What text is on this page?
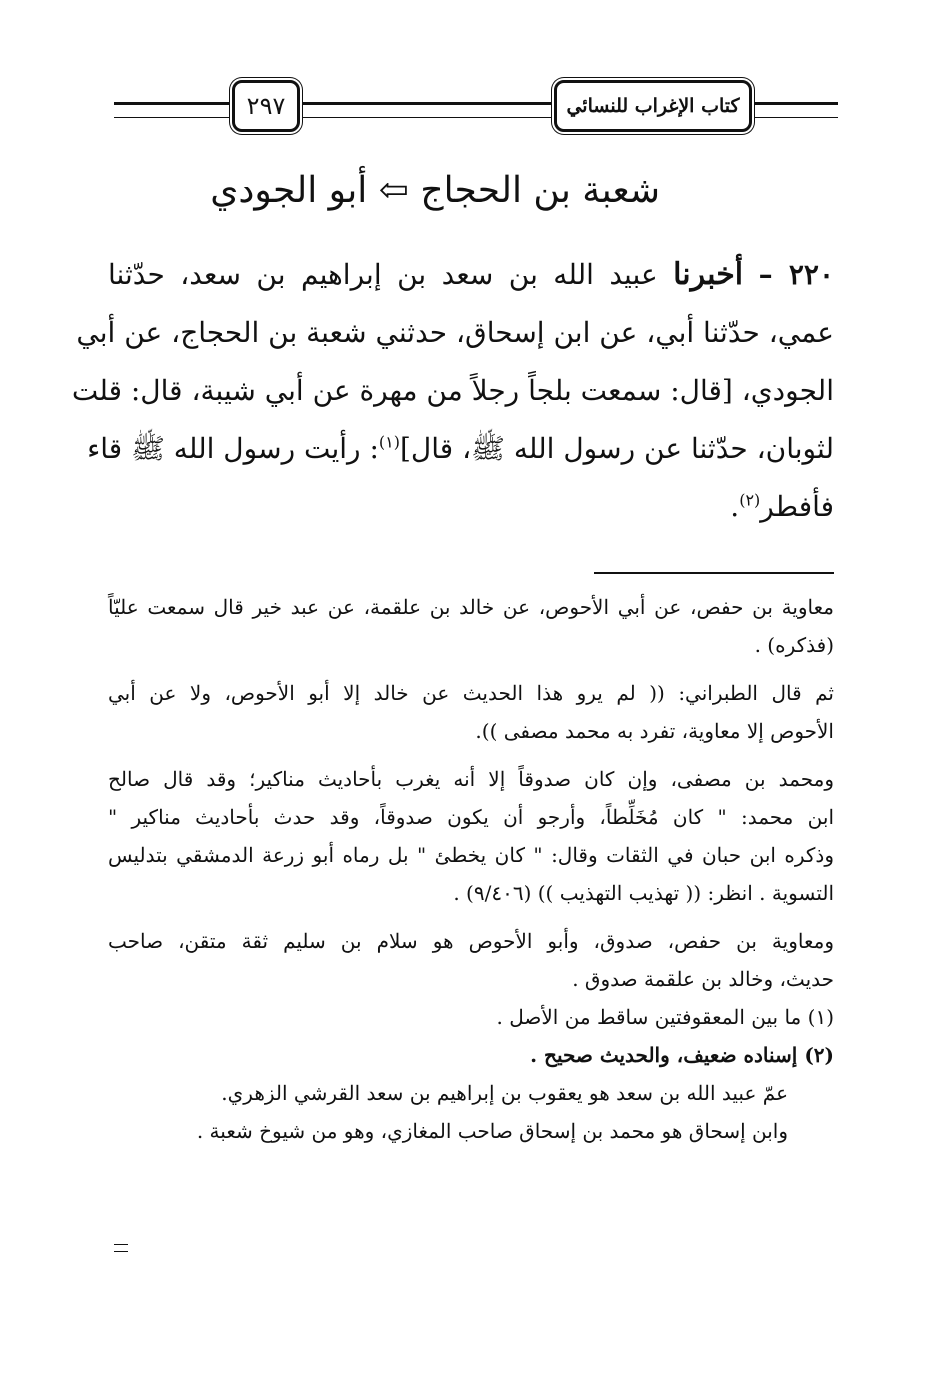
كتاب الإغراب للنسائي
٢٩٧
شعبة بن الحجاج ⇦ أبو الجودي
٢٢٠ – أخبرنا عبيد الله بن سعد بن إبراهيم بن سعد، حدّثنا
عمي، حدّثنا أبي، عن ابن إسحاق، حدثني شعبة بن الحجاج، عن أبي
الجودي، [قال: سمعت بلجاً رجلاً من مهرة عن أبي شيبة، قال: قلت
لثوبان، حدّثنا عن رسول الله ﷺ، قال]$^{(١)}$: رأيت رسول الله ﷺ قاء
فأفطر$^{(٢)}$.
معاوية بن حفص، عن أبي الأحوص، عن خالد بن علقمة، عن عبد خير قال سمعت عليّاً
(فذكره) .
ثم قال الطبراني: (( لم يرو هذا الحديث عن خالد إلا أبو الأحوص، ولا عن أبي
الأحوص إلا معاوية، تفرد به محمد مصفى )).
ومحمد بن مصفى، وإن كان صدوقاً إلا أنه يغرب بأحاديث مناكير؛ وقد قال صالح
ابن محمد: " كان مُخَلِّطاً، وأرجو أن يكون صدوقاً، وقد حدث بأحاديث مناكير "
وذكره ابن حبان في الثقات وقال: " كان يخطئ " بل رماه أبو زرعة الدمشقي بتدليس
التسوية . انظر: (( تهذيب التهذيب )) (٩/٤٠٦) .
ومعاوية بن حفص، صدوق، وأبو الأحوص هو سلام بن سليم ثقة متقن، صاحب
حديث، وخالد بن علقمة صدوق .
(١) ما بين المعقوفتين ساقط من الأصل .
(٢) إسناده ضعيف، والحديث صحيح .
عمّ عبيد الله بن سعد هو يعقوب بن إبراهيم بن سعد القرشي الزهري.
وابن إسحاق هو محمد بن إسحاق صاحب المغازي، وهو من شيوخ شعبة .
